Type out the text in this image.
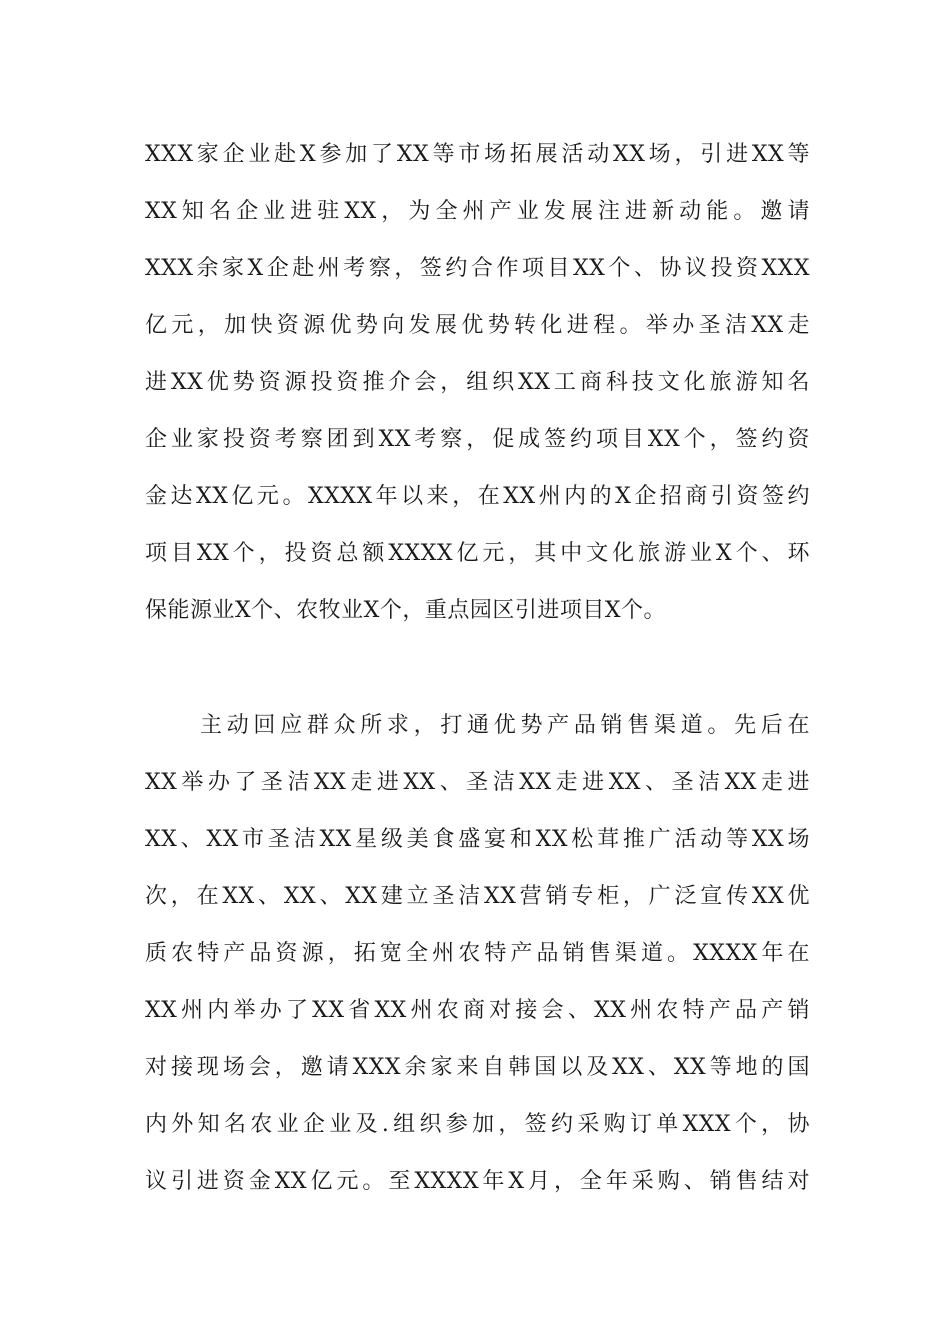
XXX家企业赴X参加了XX等市场拓展活动XX场，引进XX等
XX知名企业进驻XX，为全州产业发展注进新动能。邀请
XXX余家X企赴州考察，签约合作项目XX个、协议投资XXX
亿元，加快资源优势向发展优势转化进程。举办圣洁XX走
进XX优势资源投资推介会，组织XX工商科技文化旅游知名
企业家投资考察团到XX考察，促成签约项目XX个，签约资
金达XX亿元。XXXX年以来，在XX州内的X企招商引资签约
项目XX个，投资总额XXXX亿元，其中文化旅游业X个、环
保能源业X个、农牧业X个，重点园区引进项目X个。
主动回应群众所求，打通优势产品销售渠道。先后在
XX举办了圣洁XX走进XX、圣洁XX走进XX、圣洁XX走进
XX、XX市圣洁XX星级美食盛宴和XX松茸推广活动等XX场
次，在XX、XX、XX建立圣洁XX营销专柜，广泛宣传XX优
质农特产品资源，拓宽全州农特产品销售渠道。XXXX年在
XX州内举办了XX省XX州农商对接会、XX州农特产品产销
对接现场会，邀请XXX余家来自韩国以及XX、XX等地的国
内外知名农业企业及.组织参加，签约采购订单XXX个，协
议引进资金XX亿元。至XXXX年X月，全年采购、销售结对
